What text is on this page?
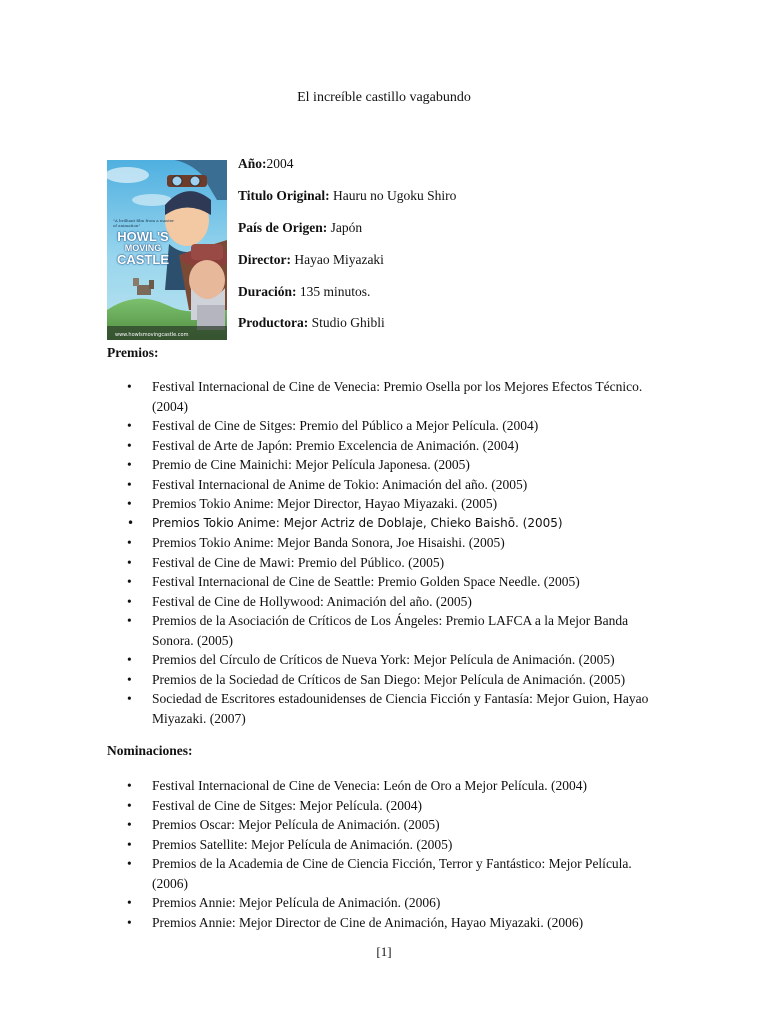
El increíble castillo vagabundo
www.howlsmovingcastle.com
"A brilliant film from a master
of animation"
HOWL'S
MOVING
CASTLE

Año:2004

Titulo Original: Hauru no Ugoku Shiro

País de Origen: Japón

Director: Hayao Miyazaki

Duración: 135 minutos.

Productora: Studio Ghibli

Premios:
• Festival Internacional de Cine de Venecia: Premio Osella por los Mejores Efectos Técnico. (2004)
• Festival de Cine de Sitges: Premio del Público a Mejor Película. (2004)
• Festival de Arte de Japón: Premio Excelencia de Animación. (2004)
• Premio de Cine Mainichi: Mejor Película Japonesa. (2005)
• Festival Internacional de Anime de Tokio: Animación del año. (2005)
• Premios Tokio Anime: Mejor Director, Hayao Miyazaki. (2005)
• Premios Tokio Anime: Mejor Actriz de Doblaje, Chieko Baishō. (2005)
• Premios Tokio Anime: Mejor Banda Sonora, Joe Hisaishi. (2005)
• Festival de Cine de Mawi: Premio del Público. (2005)
• Festival Internacional de Cine de Seattle: Premio Golden Space Needle. (2005)
• Festival de Cine de Hollywood: Animación del año. (2005)
• Premios de la Asociación de Críticos de Los Ángeles: Premio LAFCA a la Mejor Banda Sonora. (2005)
• Premios del Círculo de Críticos de Nueva York: Mejor Película de Animación. (2005)
• Premios de la Sociedad de Críticos de San Diego: Mejor Película de Animación. (2005)
• Sociedad de Escritores estadounidenses de Ciencia Ficción y Fantasía: Mejor Guion, Hayao Miyazaki. (2007)
Nominaciones:
• Festival Internacional de Cine de Venecia: León de Oro a Mejor Película. (2004)
• Festival de Cine de Sitges: Mejor Película. (2004)
• Premios Oscar: Mejor Película de Animación. (2005)
• Premios Satellite: Mejor Película de Animación. (2005)
• Premios de la Academia de Cine de Ciencia Ficción, Terror y Fantástico: Mejor Película. (2006)
• Premios Annie: Mejor Película de Animación. (2006)
• Premios Annie: Mejor Director de Cine de Animación, Hayao Miyazaki. (2006)
[1]
